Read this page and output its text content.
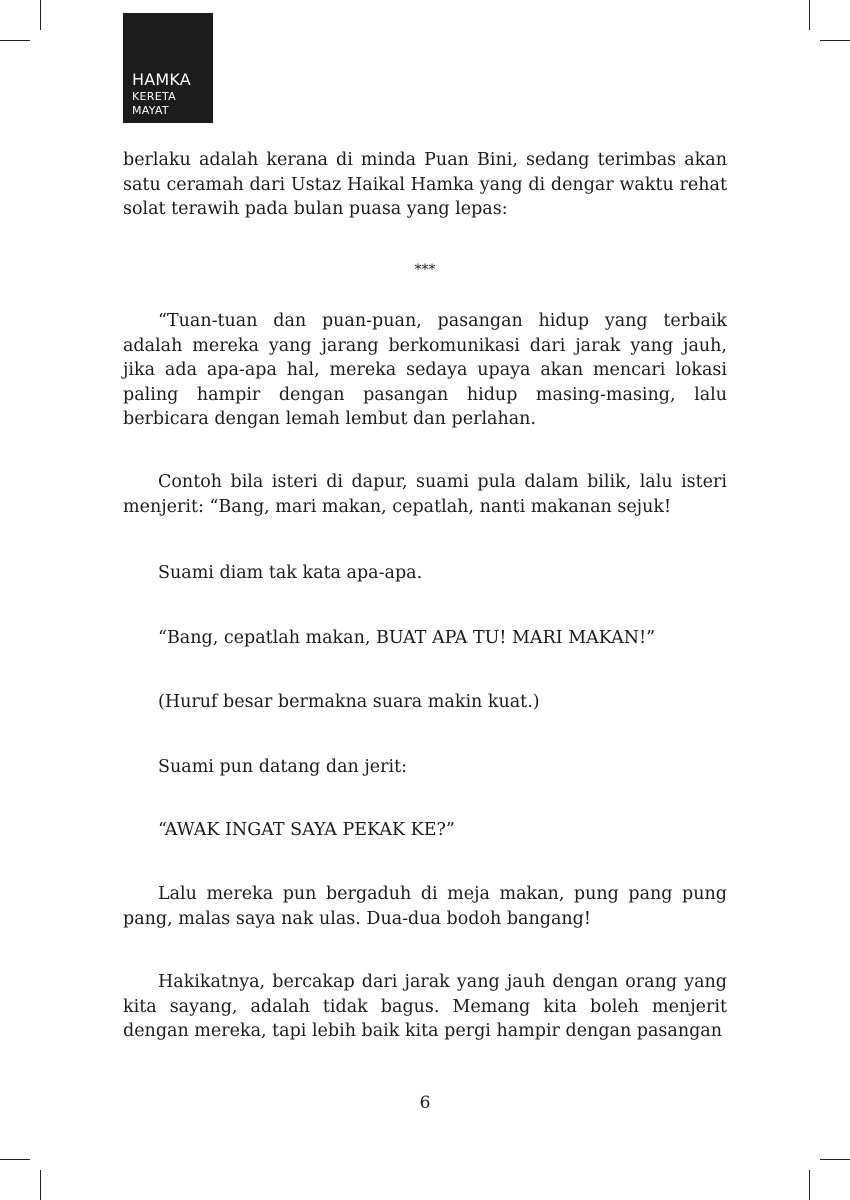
HAMKA
KERETA
MAYAT

berlaku adalah kerana di minda Puan Bini, sedang terimbas akan satu ceramah dari Ustaz Haikal Hamka yang di dengar waktu rehat solat terawih pada bulan puasa yang lepas:

***

“Tuan-tuan dan puan-puan, pasangan hidup yang terbaik adalah mereka yang jarang berkomunikasi dari jarak yang jauh, jika ada apa-apa hal, mereka sedaya upaya akan mencari lokasi paling hampir dengan pasangan hidup masing-masing, lalu berbicara dengan lemah lembut dan perlahan.

Contoh bila isteri di dapur, suami pula dalam bilik, lalu isteri menjerit: “Bang, mari makan, cepatlah, nanti makanan sejuk!

Suami diam tak kata apa-apa.

“Bang, cepatlah makan, BUAT APA TU! MARI MAKAN!”

(Huruf besar bermakna suara makin kuat.)

Suami pun datang dan jerit:

“AWAK INGAT SAYA PEKAK KE?”

Lalu mereka pun bergaduh di meja makan, pung pang pung pang, malas saya nak ulas. Dua-dua bodoh bangang!

Hakikatnya, bercakap dari jarak yang jauh dengan orang yang kita sayang, adalah tidak bagus. Memang kita boleh menjerit dengan mereka, tapi lebih baik kita pergi hampir dengan pasangan

6
